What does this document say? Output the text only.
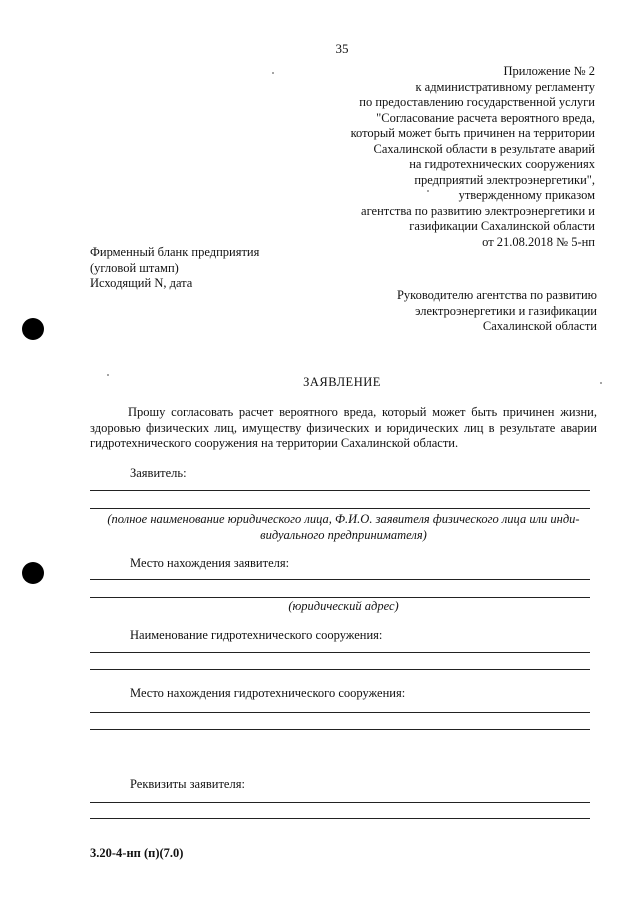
35
Приложение № 2
к административному регламенту
по предоставлению государственной услуги
"Согласование расчета вероятного вреда,
который может быть причинен на территории
Сахалинской области в результате аварий
на гидротехнических сооружениях
предприятий электроэнергетики",
утвержденному приказом
агентства по развитию электроэнергетики и
газификации Сахалинской области
от 21.08.2018 № 5-нп
Фирменный бланк предприятия
(угловой штамп)
Исходящий N, дата
Руководителю агентства по развитию
электроэнергетики и газификации
Сахалинской области
ЗАЯВЛЕНИЕ
Прошу согласовать расчет вероятного вреда, который может быть причинен жизни, здоровью физических лиц, имуществу физических и юридических лиц в результате аварии гидротехнического сооружения на территории Сахалинской области.
Заявитель:
(полное наименование юридического лица, Ф.И.О. заявителя физического лица или инди-
видуального предпринимателя)
Место нахождения заявителя:
(юридический адрес)
Наименование гидротехнического сооружения:
Место нахождения гидротехнического сооружения:
Реквизиты заявителя:
3.20-4-нп (п)(7.0)
